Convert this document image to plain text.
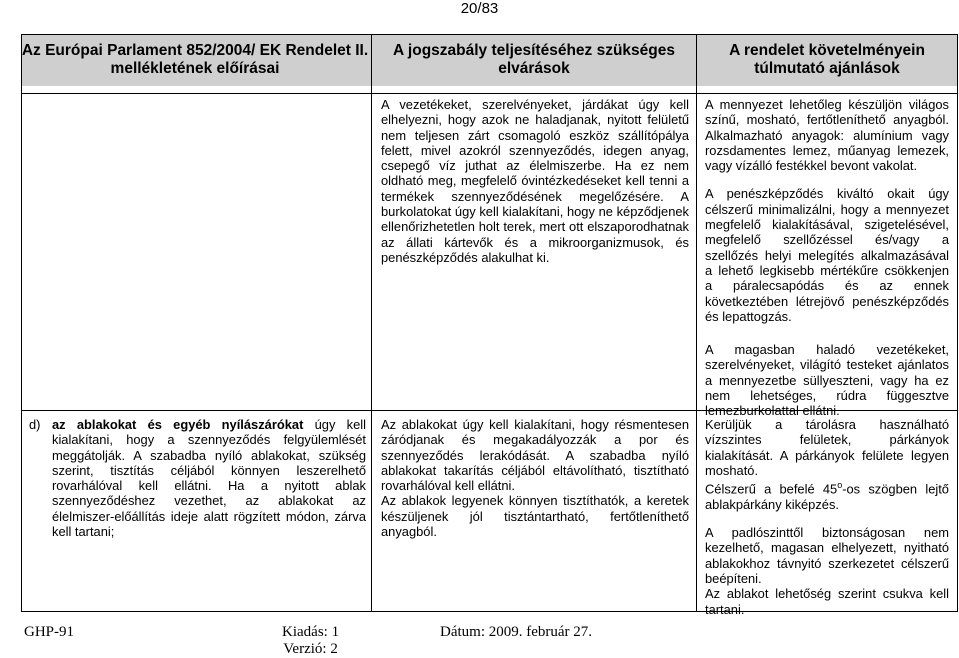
20/83
Az Európai Parlament 852/2004/ EK Rendelet II. mellékletének előírásai
A jogszabály teljesítéséhez szükséges elvárások
A rendelet követelményein túlmutató ajánlások

A vezetékeket, szerelvényeket, járdákat úgy kell elhelyezni, hogy azok ne haladjanak, nyitott felületű nem teljesen zárt csomagoló eszköz szállítópálya felett, mivel azokról szennyeződés, idegen anyag, csepegő víz juthat az élelmiszerbe. Ha ez nem oldható meg, megfelelő óvintézkedéseket kell tenni a termékek szennyeződésének megelőzésére. A burkolatokat úgy kell kialakítani, hogy ne képződjenek ellenőrizhetetlen holt terek, mert ott elszaporodhatnak az állati kártevők és a mikroorganizmusok, és penészképződés alakulhat ki.

A mennyezet lehetőleg készüljön világos színű, mosható, fertőtleníthető anyagból. Alkalmazható anyagok: alumínium vagy rozsdamentes lemez, műanyag lemezek, vagy vízálló festékkel bevont vakolat.

A penészképződés kiváltó okait úgy célszerű minimalizálni, hogy a mennyezet megfelelő kialakításával, szigetelésével, megfelelő szellőzéssel és/vagy a szellőzés helyi melegítés alkalmazásával a lehető legkisebb mértékűre csökkenjen a páralecsapódás és az ennek következtében létrejövő penészképződés és lepattogzás.

A magasban haladó vezetékeket, szerelvényeket, világító testeket ajánlatos a mennyezetbe süllyeszteni, vagy ha ez nem lehetséges, rúdra függesztve lemezburkolattal ellátni.

d) az ablakokat és egyéb nyílászárókat úgy kell kialakítani, hogy a szennyeződés felgyülemlését meggátolják. A szabadba nyíló ablakokat, szükség szerint, tisztítás céljából könnyen leszerelhető rovarhálóval kell ellátni. Ha a nyitott ablak szennyeződéshez vezethet, az ablakokat az élelmiszer-előállítás ideje alatt rögzített módon, zárva kell tartani;

Az ablakokat úgy kell kialakítani, hogy résmentesen záródjanak és megakadályozzák a por és szennyeződés lerakódását. A szabadba nyíló ablakokat takarítás céljából eltávolítható, tisztítható rovarhálóval kell ellátni.

Az ablakok legyenek könnyen tisztíthatók, a keretek készüljenek jól tisztántartható, fertőtleníthető anyagból.

Kerüljük a tárolásra használható vízszintes felületek, párkányok kialakítását. A párkányok felülete legyen mosható.

Célszerű a befelé 45$^o$-os szögben lejtő ablakpárkány kiképzés.

A padlószinttől biztonságosan nem kezelhető, magasan elhelyezett, nyitható ablakokhoz távnyitó szerkezetet célszerű beépíteni.

Az ablakot lehetőség szerint csukva kell tartani.

GHP-91	Kiadás: 1
Verzió: 2
Dátum: 2009. február 27.
